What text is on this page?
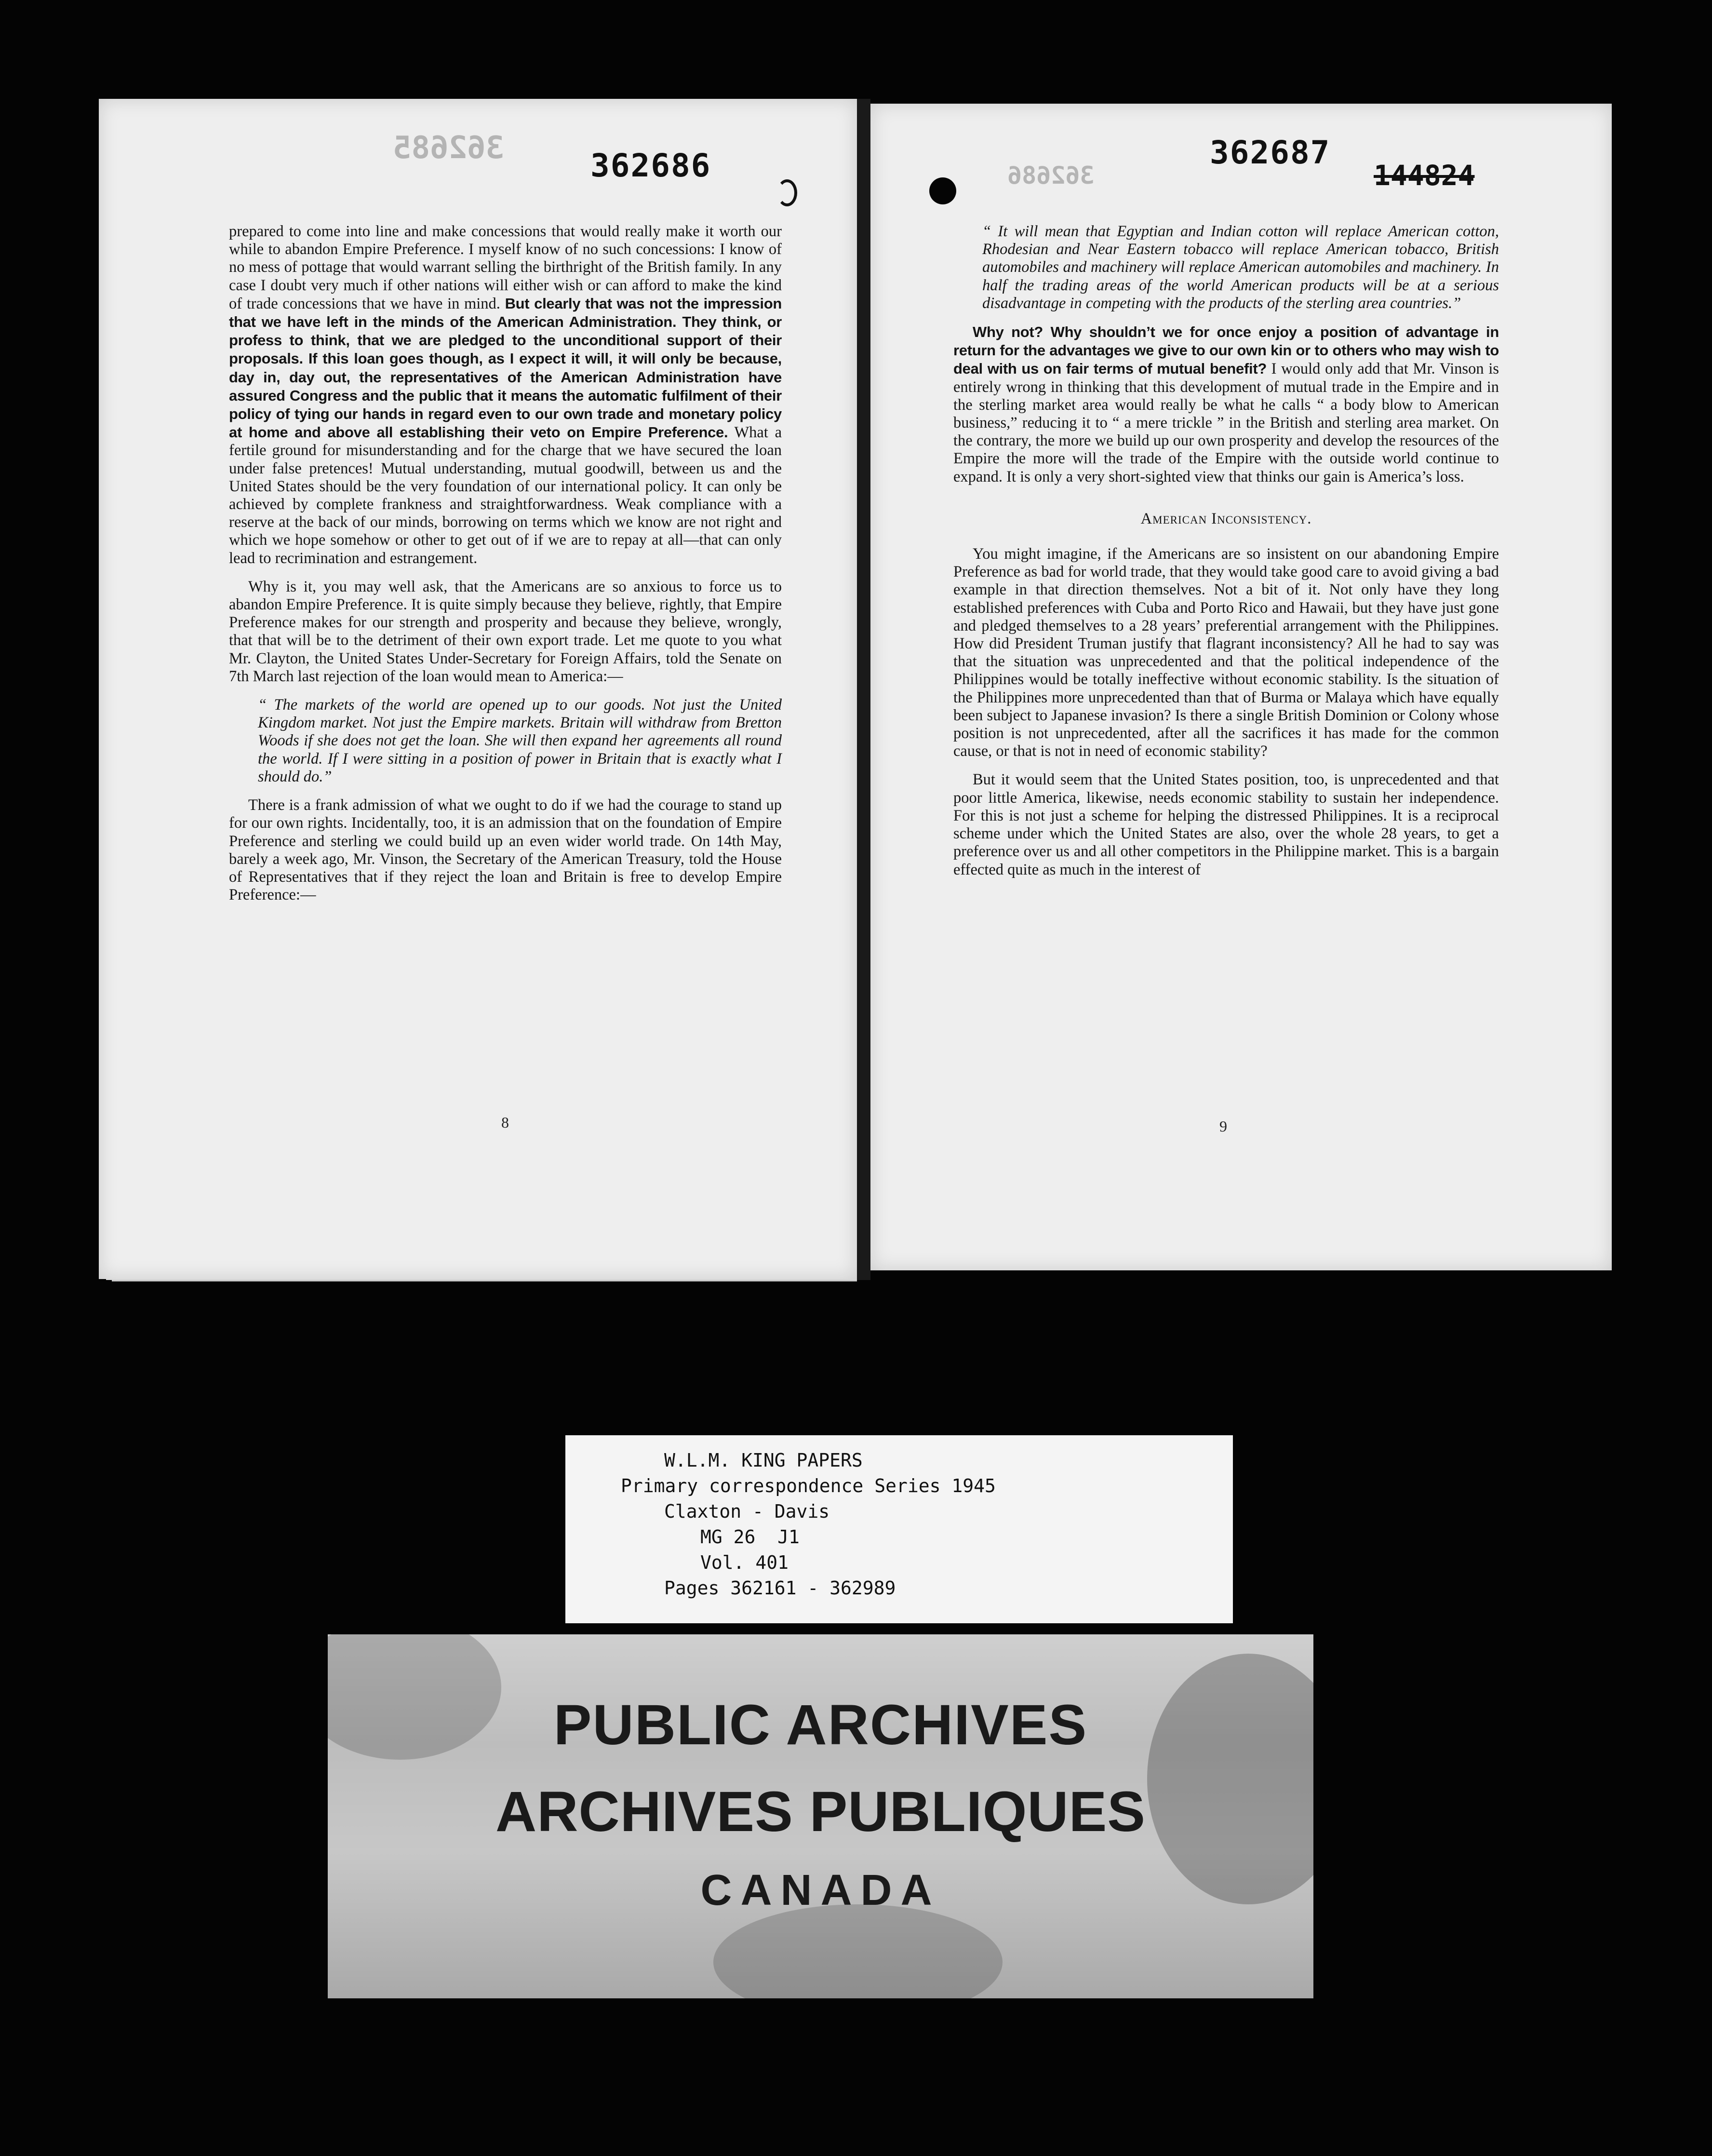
362685	362686	362686
362687
144824

prepared to come into line and make concessions that would really make it worth our while to abandon Empire Preference. I myself know of no such concessions: I know of no mess of pottage that would warrant selling the birthright of the British family. In any case I doubt very much if other nations will either wish or can afford to make the kind of trade concessions that we have in mind. But clearly that was not the impression that we have left in the minds of the American Administration. They think, or profess to think, that we are pledged to the unconditional support of their proposals. If this loan goes though, as I expect it will, it will only be because, day in, day out, the representatives of the American Administration have assured Congress and the public that it means the automatic fulfilment of their policy of tying our hands in regard even to our own trade and monetary policy at home and above all establishing their veto on Empire Preference. What a fertile ground for misunderstanding and for the charge that we have secured the loan under false pretences! Mutual understanding, mutual goodwill, between us and the United States should be the very foundation of our international policy. It can only be achieved by complete frankness and straightforwardness. Weak compliance with a reserve at the back of our minds, borrowing on terms which we know are not right and which we hope somehow or other to get out of if we are to repay at all—that can only lead to recrimination and estrangement.

Why is it, you may well ask, that the Americans are so anxious to force us to abandon Empire Preference. It is quite simply because they believe, rightly, that Empire Preference makes for our strength and prosperity and because they believe, wrongly, that that will be to the detriment of their own export trade. Let me quote to you what Mr. Clayton, the United States Under-Secretary for Foreign Affairs, told the Senate on 7th March last rejection of the loan would mean to America:—

“ The markets of the world are opened up to our goods. Not just the United Kingdom market. Not just the Empire markets. Britain will withdraw from Bretton Woods if she does not get the loan. She will then expand her agreements all round the world. If I were sitting in a position of power in Britain that is exactly what I should do.”

There is a frank admission of what we ought to do if we had the courage to stand up for our own rights. Incidentally, too, it is an admission that on the foundation of Empire Preference and sterling we could build up an even wider world trade. On 14th May, barely a week ago, Mr. Vinson, the Secretary of the American Treasury, told the House of Representatives that if they reject the loan and Britain is free to develop Empire Preference:—

8

“ It will mean that Egyptian and Indian cotton will replace American cotton, Rhodesian and Near Eastern tobacco will replace American tobacco, British automobiles and machinery will replace American automobiles and machinery. In half the trading areas of the world American products will be at a serious disadvantage in competing with the products of the sterling area countries.”

Why not? Why shouldn’t we for once enjoy a position of advantage in return for the advantages we give to our own kin or to others who may wish to deal with us on fair terms of mutual benefit? I would only add that Mr. Vinson is entirely wrong in thinking that this development of mutual trade in the Empire and in the sterling market area would really be what he calls “ a body blow to American business,” reducing it to “ a mere trickle ” in the British and sterling area market. On the contrary, the more we build up our own prosperity and develop the resources of the Empire the more will the trade of the Empire with the outside world continue to expand. It is only a very short-sighted view that thinks our gain is America’s loss.

American Inconsistency.

You might imagine, if the Americans are so insistent on our abandoning Empire Preference as bad for world trade, that they would take good care to avoid giving a bad example in that direction themselves. Not a bit of it. Not only have they long established preferences with Cuba and Porto Rico and Hawaii, but they have just gone and pledged themselves to a 28 years’ preferential arrangement with the Philippines. How did President Truman justify that flagrant inconsistency? All he had to say was that the situation was unprecedented and that the political independence of the Philippines would be totally ineffective without economic stability. Is the situation of the Philippines more unprecedented than that of Burma or Malaya which have equally been subject to Japanese invasion? Is there a single British Dominion or Colony whose position is not unprecedented, after all the sacrifices it has made for the common cause, or that is not in need of economic stability?

But it would seem that the United States position, too, is unprecedented and that poor little America, likewise, needs economic stability to sustain her independence. For this is not just a scheme for helping the distressed Philippines. It is a reciprocal scheme under which the United States are also, over the whole 28 years, to get a preference over us and all other competitors in the Philippine market. This is a bargain effected quite as much in the interest of

9
W.L.M. KING PAPERS
Primary correspondence Series 1945
Claxton - Davis
MG 26  J1
Vol. 401
Pages 362161 - 362989
PUBLIC ARCHIVES
ARCHIVES PUBLIQUES
CANADA
